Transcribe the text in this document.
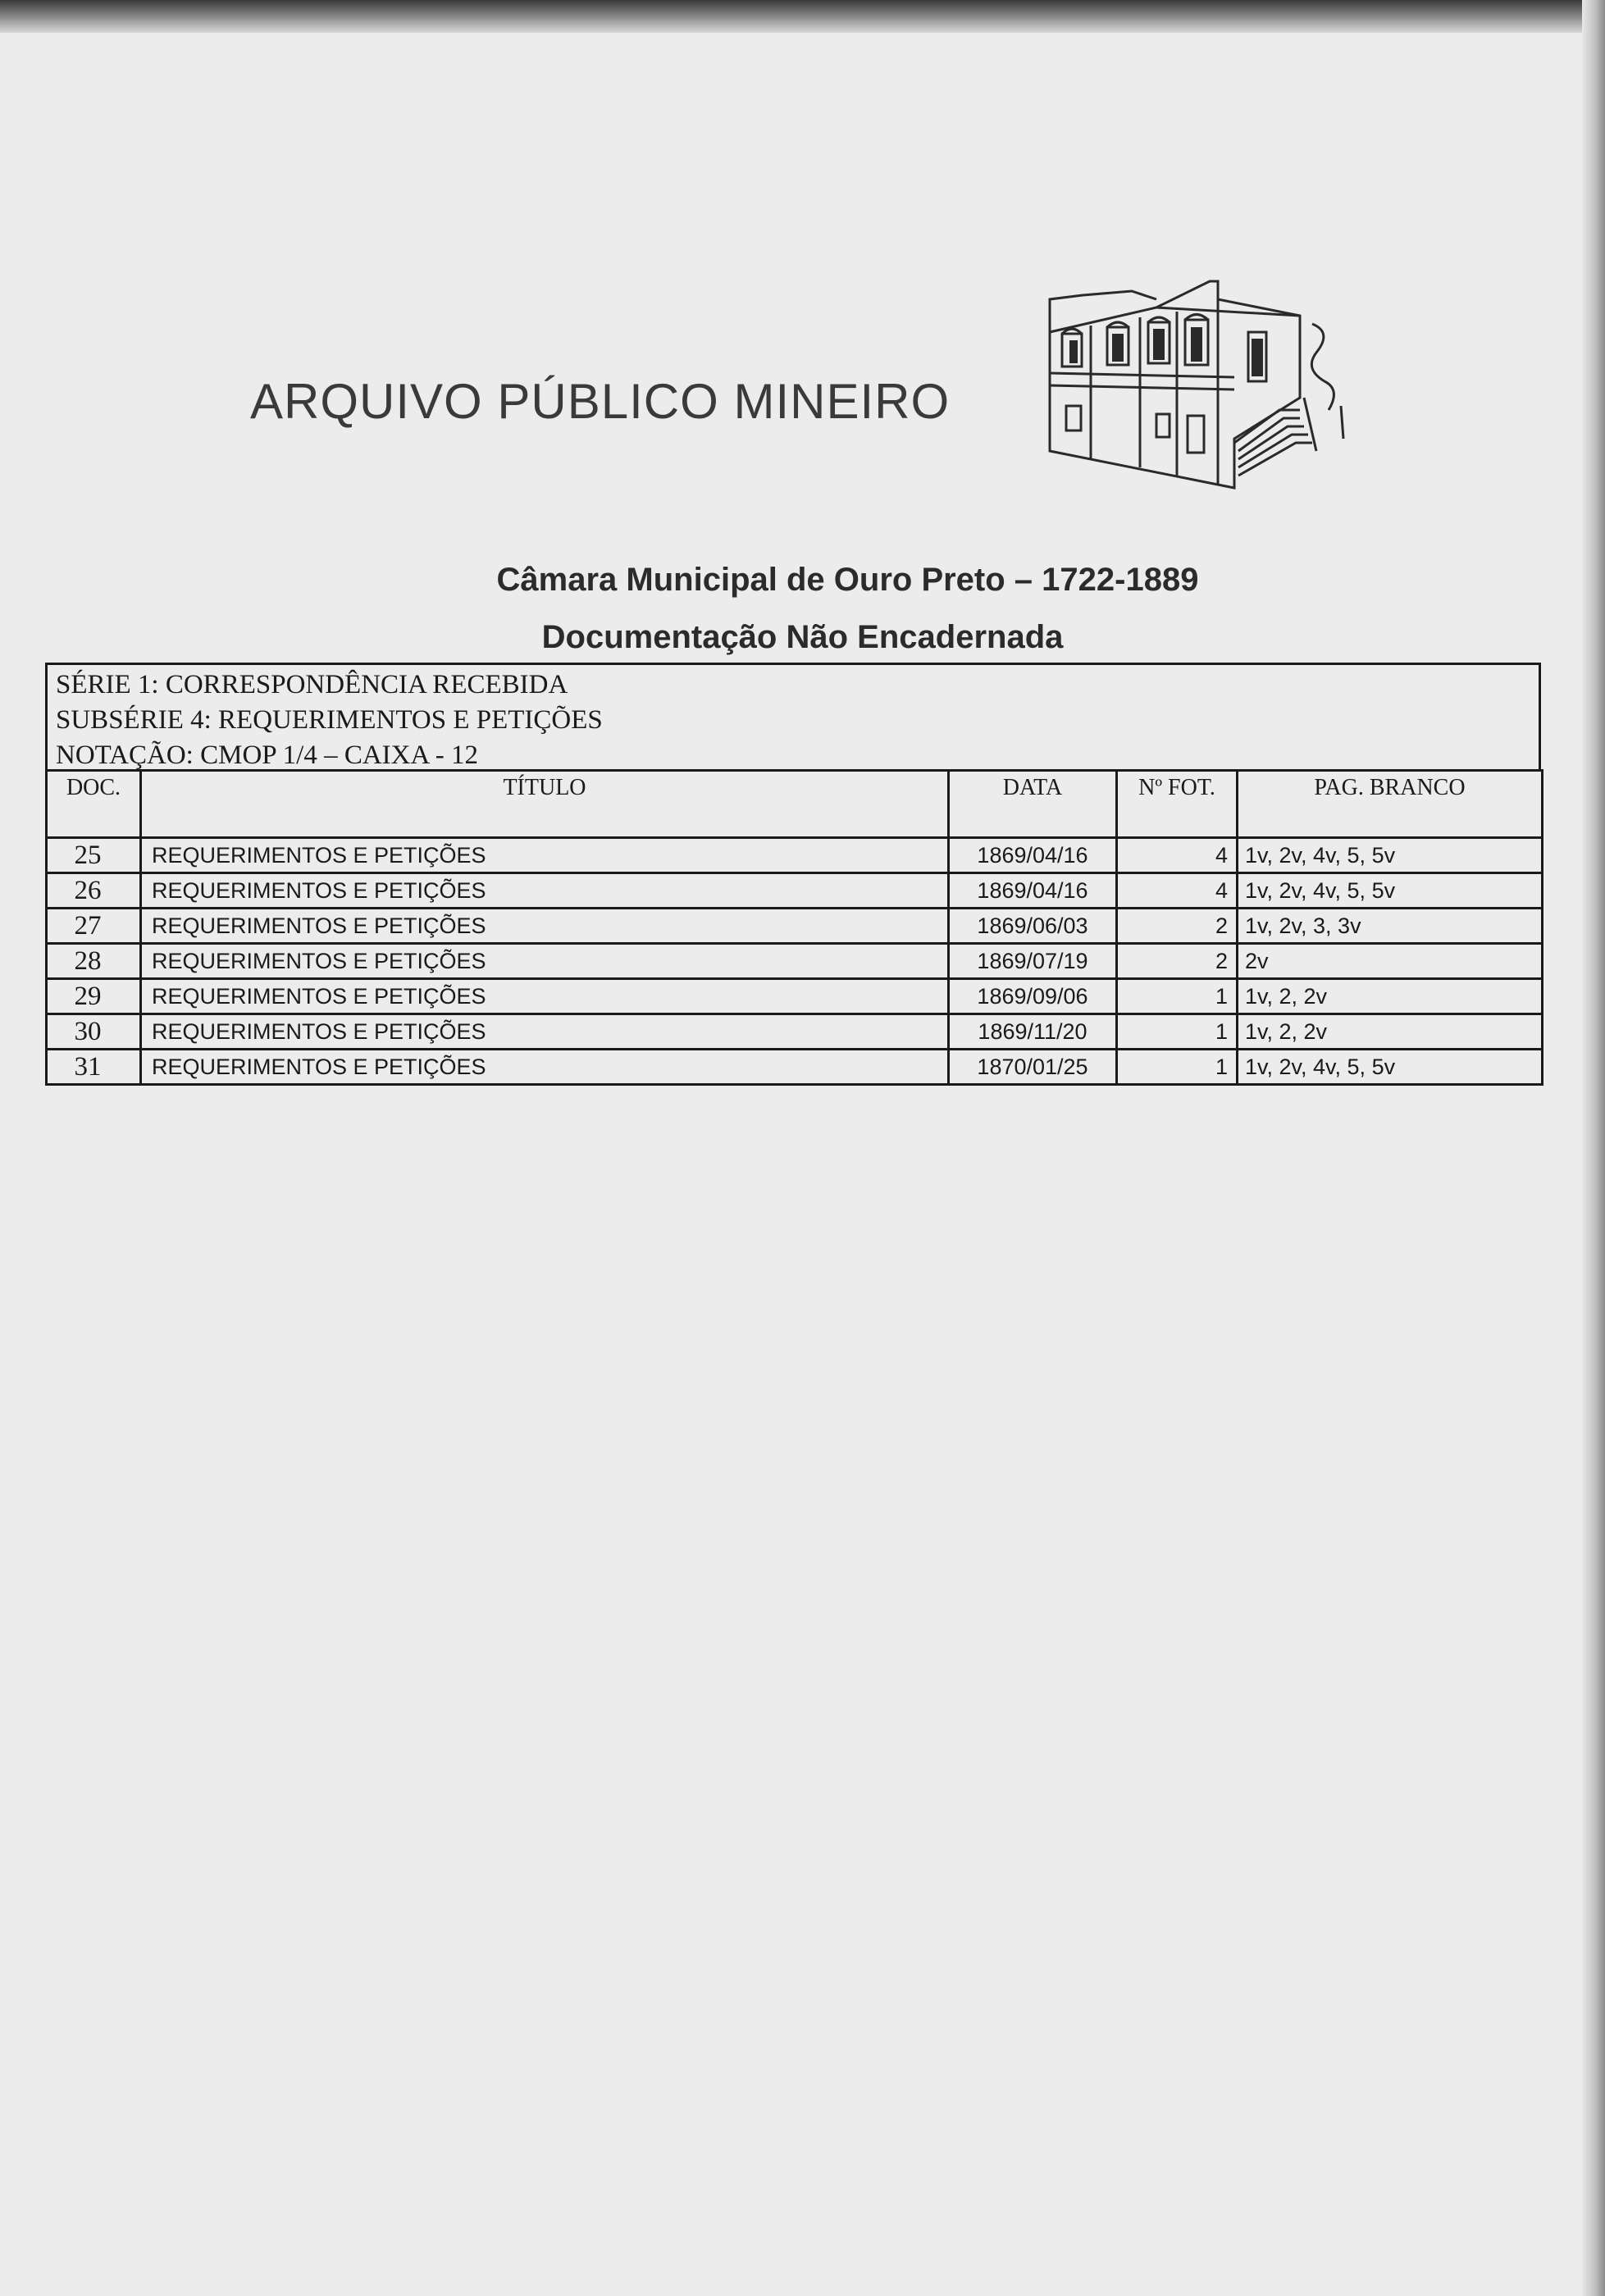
ARQUIVO PÚBLICO MINEIRO
Câmara Municipal de Ouro Preto – 1722-1889
Documentação Não Encadernada
SÉRIE 1: CORRESPONDÊNCIA RECEBIDA
SUBSÉRIE 4: REQUERIMENTOS E PETIÇÕES
NOTAÇÃO: CMOP 1/4 – CAIXA - 12
DOC.	TÍTULO	DATA	Nº FOT.	PAG. BRANCO
25	REQUERIMENTOS E PETIÇÕES	1869/04/16	4	1v, 2v, 4v, 5, 5v
26	REQUERIMENTOS E PETIÇÕES	1869/04/16	4	1v, 2v, 4v, 5, 5v
27	REQUERIMENTOS E PETIÇÕES	1869/06/03	2	1v, 2v, 3, 3v
28	REQUERIMENTOS E PETIÇÕES	1869/07/19	2	2v
29	REQUERIMENTOS E PETIÇÕES	1869/09/06	1	1v, 2, 2v
30	REQUERIMENTOS E PETIÇÕES	1869/11/20	1	1v, 2, 2v
31	REQUERIMENTOS E PETIÇÕES	1870/01/25	1	1v, 2v, 4v, 5, 5v
